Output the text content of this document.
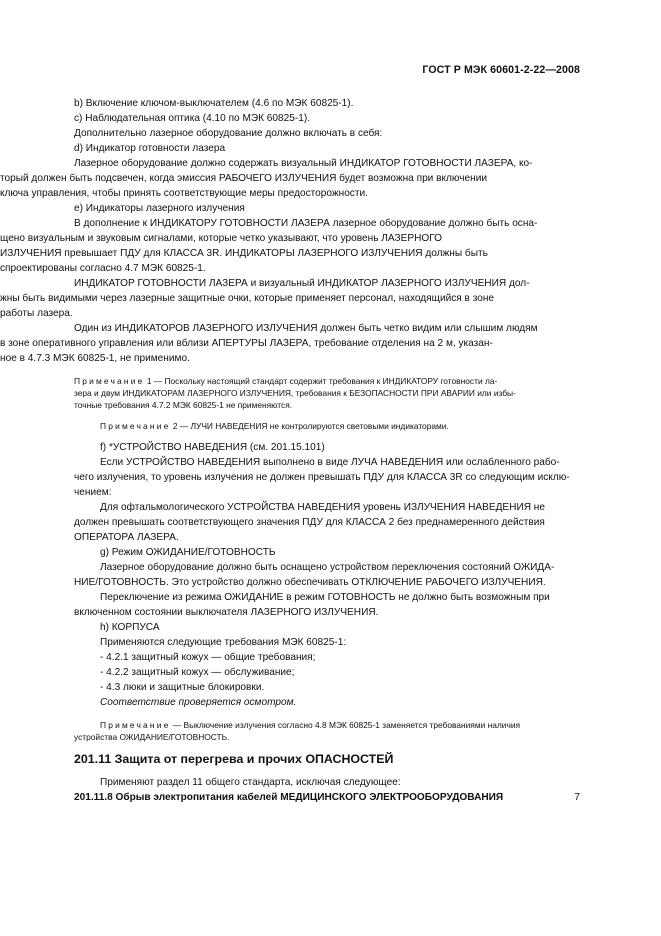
ГОСТ Р МЭК 60601-2-22—2008
b) Включение ключом-выключателем (4.6 по МЭК 60825-1).
c) Наблюдательная оптика (4.10 по МЭК 60825-1).
Дополнительно лазерное оборудование должно включать в себя:
d) Индикатор готовности лазера
Лазерное оборудование должно содержать визуальный ИНДИКАТОР ГОТОВНОСТИ ЛАЗЕРА, ко-
торый должен быть подсвечен, когда эмиссия РАБОЧЕГО ИЗЛУЧЕНИЯ будет возможна при включении
ключа управления, чтобы принять соответствующие меры предосторожности.
e) Индикаторы лазерного излучения
В дополнение к ИНДИКАТОРУ ГОТОВНОСТИ ЛАЗЕРА лазерное оборудование должно быть осна-
щено визуальным и звуковым сигналами, которые четко указывают, что уровень ЛАЗЕРНОГО
ИЗЛУЧЕНИЯ превышает ПДУ для КЛАССА 3R. ИНДИКАТОРЫ ЛАЗЕРНОГО ИЗЛУЧЕНИЯ должны быть
спроектированы согласно 4.7 МЭК 60825-1.
ИНДИКАТОР ГОТОВНОСТИ ЛАЗЕРА и визуальный ИНДИКАТОР ЛАЗЕРНОГО ИЗЛУЧЕНИЯ дол-
жны быть видимыми через лазерные защитные очки, которые применяет персонал, находящийся в зоне
работы лазера.
Один из ИНДИКАТОРОВ ЛАЗЕРНОГО ИЗЛУЧЕНИЯ должен быть четко видим или слышим людям
в зоне оперативного управления или вблизи АПЕРТУРЫ ЛАЗЕРА, требование отделения на 2 м, указан-
ное в 4.7.3 МЭК 60825-1, не применимо.
Примечание 1 — Поскольку настоящий стандарт содержит требования к ИНДИКАТОРУ готовности ла-
зера и двум ИНДИКАТОРАМ ЛАЗЕРНОГО ИЗЛУЧЕНИЯ, требования к БЕЗОПАСНОСТИ ПРИ АВАРИИ или избы-
точные требования 4.7.2 МЭК 60825-1 не применяются.
Примечание 2 — ЛУЧИ НАВЕДЕНИЯ не контролируются световыми индикаторами.
f) *УСТРОЙСТВО НАВЕДЕНИЯ (см. 201.15.101)
Если УСТРОЙСТВО НАВЕДЕНИЯ выполнено в виде ЛУЧА НАВЕДЕНИЯ или ослабленного рабо-
чего излучения, то уровень излучения не должен превышать ПДУ для КЛАССА 3R со следующим исклю-
чением:
Для офтальмологического УСТРОЙСТВА НАВЕДЕНИЯ уровень ИЗЛУЧЕНИЯ НАВЕДЕНИЯ не
должен превышать соответствующего значения ПДУ для КЛАССА 2 без преднамеренного действия
ОПЕРАТОРА ЛАЗЕРА.
g) Режим ОЖИДАНИЕ/ГОТОВНОСТЬ
Лазерное оборудование должно быть оснащено устройством переключения состояний ОЖИДА-
НИЕ/ГОТОВНОСТЬ. Это устройство должно обеспечивать ОТКЛЮЧЕНИЕ РАБОЧЕГО ИЗЛУЧЕНИЯ.
Переключение из режима ОЖИДАНИЕ в режим ГОТОВНОСТЬ не должно быть возможным при
включенном состоянии выключателя ЛАЗЕРНОГО ИЗЛУЧЕНИЯ.
h) КОРПУСА
Применяются следующие требования МЭК 60825-1:
- 4.2.1 защитный кожух — общие требования;
- 4.2.2 защитный кожух — обслуживание;
- 4.3 люки и защитные блокировки.
Соответствие проверяется осмотром.
Примечание — Выключение излучения согласно 4.8 МЭК 60825-1 заменяется требованиями наличия
устройства ОЖИДАНИЕ/ГОТОВНОСТЬ.
201.11 Защита от перегрева и прочих ОПАСНОСТЕЙ
Применяют раздел 11 общего стандарта, исключая следующее:
201.11.8 Обрыв электропитания кабелей МЕДИЦИНСКОГО ЭЛЕКТРООБОРУДОВАНИЯ	7
